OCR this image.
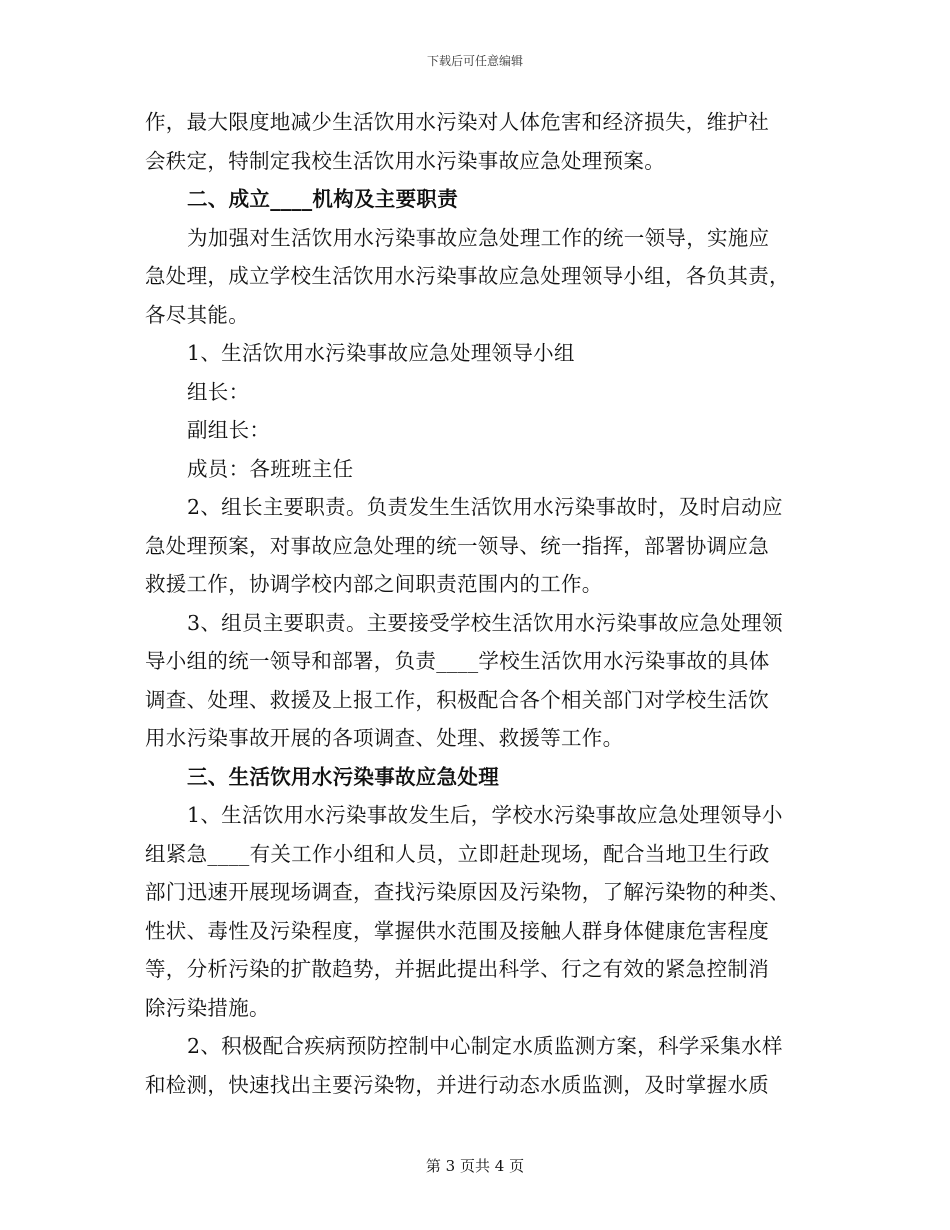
下载后可任意编辑
作，最大限度地减少生活饮用水污染对人体危害和经济损失，维护社
会秩定，特制定我校生活饮用水污染事故应急处理预案。
二、成立____机构及主要职责
为加强对生活饮用水污染事故应急处理工作的统一领导，实施应
急处理，成立学校生活饮用水污染事故应急处理领导小组，各负其责，
各尽其能。
1、生活饮用水污染事故应急处理领导小组
组长：
副组长：
成员：各班班主任
2、组长主要职责。负责发生生活饮用水污染事故时，及时启动应
急处理预案，对事故应急处理的统一领导、统一指挥，部署协调应急
救援工作，协调学校内部之间职责范围内的工作。
3、组员主要职责。主要接受学校生活饮用水污染事故应急处理领
导小组的统一领导和部署，负责____学校生活饮用水污染事故的具体
调查、处理、救援及上报工作，积极配合各个相关部门对学校生活饮
用水污染事故开展的各项调查、处理、救援等工作。
三、生活饮用水污染事故应急处理
1、生活饮用水污染事故发生后，学校水污染事故应急处理领导小
组紧急____有关工作小组和人员，立即赶赴现场，配合当地卫生行政
部门迅速开展现场调查，查找污染原因及污染物，了解污染物的种类、
性状、毒性及污染程度，掌握供水范围及接触人群身体健康危害程度
等，分析污染的扩散趋势，并据此提出科学、行之有效的紧急控制消
除污染措施。
2、积极配合疾病预防控制中心制定水质监测方案，科学采集水样
和检测，快速找出主要污染物，并进行动态水质监测，及时掌握水质
第 3 页共 4 页
